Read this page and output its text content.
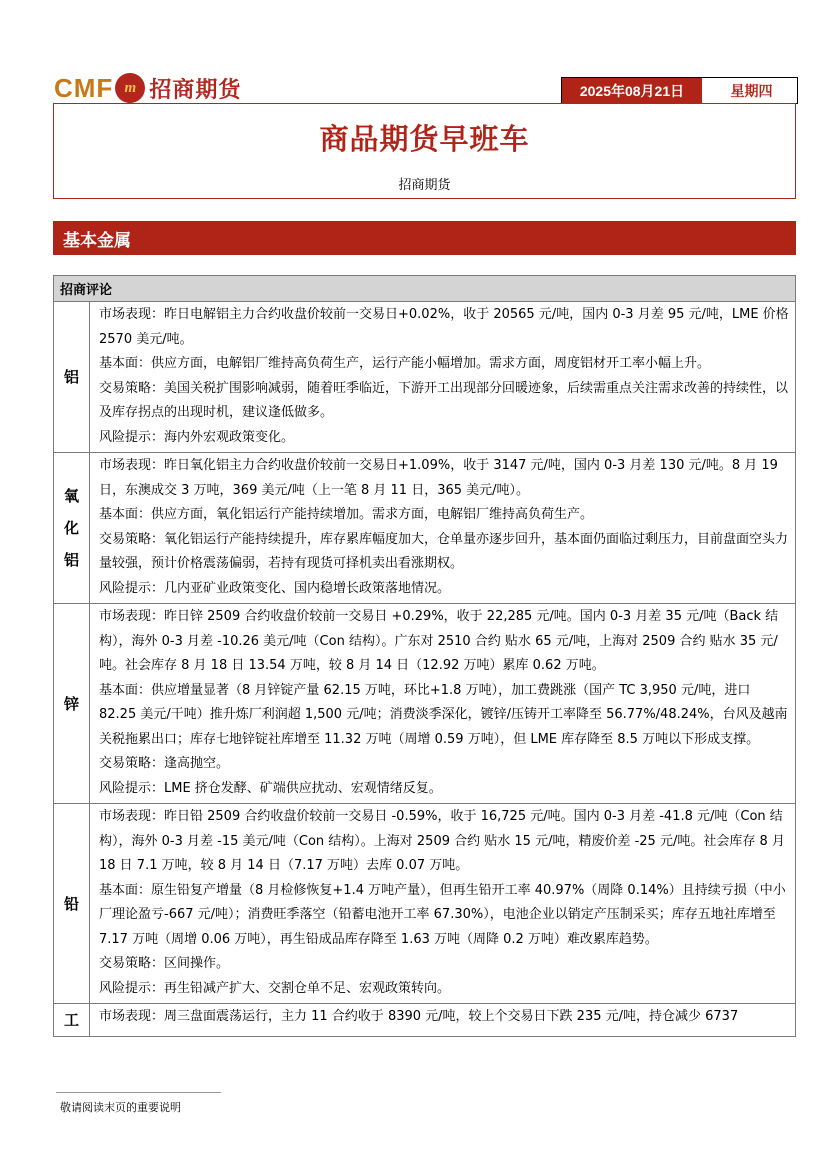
CMF m 招商期货	2025年08月21日	星期四
商品期货早班车
招商期货
基本金属
招商评论	
铝	市场表现：昨日电解铝主力合约收盘价较前一交易日+0.02%，收于 20565 元/吨，国内 0-3 月差 95 元/吨，LME 价格 2570 美元/吨。

基本面：供应方面，电解铝厂维持高负荷生产，运行产能小幅增加。需求方面，周度铝材开工率小幅上升。

交易策略：美国关税扩围影响减弱，随着旺季临近，下游开工出现部分回暖迹象，后续需重点关注需求改善的持续性，以及库存拐点的出现时机，建议逢低做多。

风险提示：海内外宏观政策变化。

氧化铝	市场表现：昨日氧化铝主力合约收盘价较前一交易日+1.09%，收于 3147 元/吨，国内 0-3 月差 130 元/吨。8 月 19 日，东澳成交 3 万吨，369 美元/吨（上一笔 8 月 11 日，365 美元/吨）。

基本面：供应方面，氧化铝运行产能持续增加。需求方面，电解铝厂维持高负荷生产。

交易策略：氧化铝运行产能持续提升，库存累库幅度加大，仓单量亦逐步回升，基本面仍面临过剩压力，目前盘面空头力量较强，预计价格震荡偏弱，若持有现货可择机卖出看涨期权。

风险提示：几内亚矿业政策变化、国内稳增长政策落地情况。

锌	市场表现：昨日锌 2509 合约收盘价较前一交易日 +0.29%，收于 22,285 元/吨。国内 0-3 月差 35 元/吨（Back 结构），海外 0-3 月差 -10.26 美元/吨（Con 结构）。广东对 2510 合约 贴水 65 元/吨，上海对 2509 合约 贴水 35 元/吨。社会库存 8 月 18 日 13.54 万吨，较 8 月 14 日（12.92 万吨）累库 0.62 万吨。

基本面：供应增量显著（8 月锌锭产量 62.15 万吨，环比+1.8 万吨），加工费跳涨（国产 TC 3,950 元/吨，进口 82.25 美元/干吨）推升炼厂利润超 1,500 元/吨；消费淡季深化，镀锌/压铸开工率降至 56.77%/48.24%，台风及越南关税拖累出口；库存七地锌锭社库增至 11.32 万吨（周增 0.59 万吨），但 LME 库存降至 8.5 万吨以下形成支撑。

交易策略：逢高抛空。

风险提示：LME 挤仓发酵、矿端供应扰动、宏观情绪反复。

铅	市场表现：昨日铅 2509 合约收盘价较前一交易日 -0.59%，收于 16,725 元/吨。国内 0-3 月差 -41.8 元/吨（Con 结构），海外 0-3 月差 -15 美元/吨（Con 结构）。上海对 2509 合约 贴水 15 元/吨，精废价差 -25 元/吨。社会库存 8 月 18 日 7.1 万吨，较 8 月 14 日（7.17 万吨）去库 0.07 万吨。

基本面：原生铅复产增量（8 月检修恢复+1.4 万吨产量），但再生铅开工率 40.97%（周降 0.14%）且持续亏损（中小厂理论盈亏-667 元/吨）；消费旺季落空（铅蓄电池开工率 67.30%），电池企业以销定产压制采买；库存五地社库增至 7.17 万吨（周增 0.06 万吨），再生铅成品库存降至 1.63 万吨（周降 0.2 万吨）难改累库趋势。

交易策略：区间操作。

风险提示：再生铅减产扩大、交割仓单不足、宏观政策转向。

工	市场表现：周三盘面震荡运行，主力 11 合约收于 8390 元/吨，较上个交易日下跌 235 元/吨，持仓减少 6737

敬请阅读末页的重要说明
